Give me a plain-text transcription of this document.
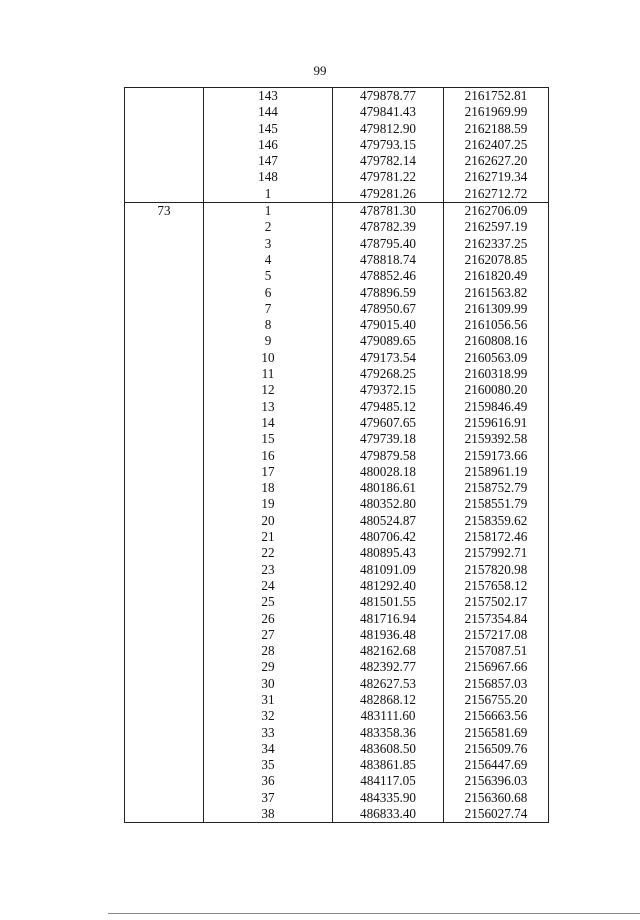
99
	143	479878.77	2161752.81
	144	479841.43	2161969.99
	145	479812.90	2162188.59
	146	479793.15	2162407.25
	147	479782.14	2162627.20
	148	479781.22	2162719.34
	1	479281.26	2162712.72
73	1	478781.30	2162706.09
	2	478782.39	2162597.19
	3	478795.40	2162337.25
	4	478818.74	2162078.85
	5	478852.46	2161820.49
	6	478896.59	2161563.82
	7	478950.67	2161309.99
	8	479015.40	2161056.56
	9	479089.65	2160808.16
	10	479173.54	2160563.09
	11	479268.25	2160318.99
	12	479372.15	2160080.20
	13	479485.12	2159846.49
	14	479607.65	2159616.91
	15	479739.18	2159392.58
	16	479879.58	2159173.66
	17	480028.18	2158961.19
	18	480186.61	2158752.79
	19	480352.80	2158551.79
	20	480524.87	2158359.62
	21	480706.42	2158172.46
	22	480895.43	2157992.71
	23	481091.09	2157820.98
	24	481292.40	2157658.12
	25	481501.55	2157502.17
	26	481716.94	2157354.84
	27	481936.48	2157217.08
	28	482162.68	2157087.51
	29	482392.77	2156967.66
	30	482627.53	2156857.03
	31	482868.12	2156755.20
	32	483111.60	2156663.56
	33	483358.36	2156581.69
	34	483608.50	2156509.76
	35	483861.85	2156447.69
	36	484117.05	2156396.03
	37	484335.90	2156360.68
	38	486833.40	2156027.74
